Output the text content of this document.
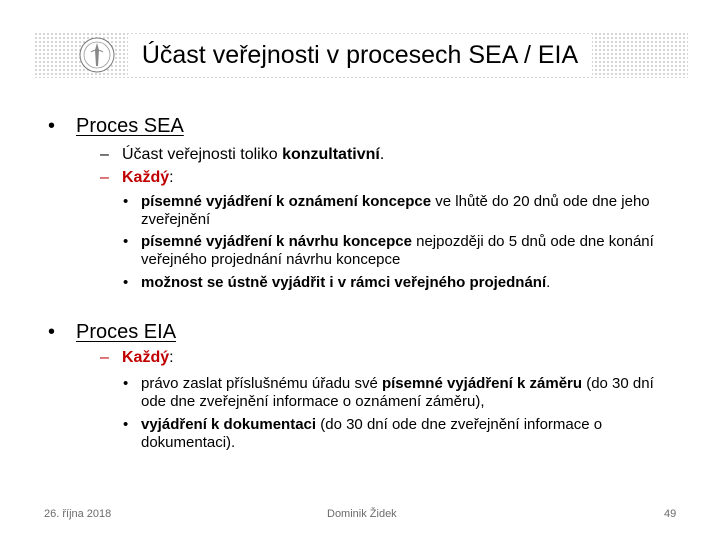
Účast veřejnosti v procesech SEA / EIA
• Proces SEA
– Účast veřejnosti toliko konzultativní.
– Každý:
• písemné vyjádření k oznámení koncepce ve lhůtě do 20 dnů ode dne jeho zveřejnění
• písemné vyjádření k návrhu koncepce nejpozději do 5 dnů ode dne konání veřejného projednání návrhu koncepce
• možnost se ústně vyjádřit i v rámci veřejného projednání.
• Proces EIA
– Každý:
• právo zaslat příslušnému úřadu své písemné vyjádření k záměru (do 30 dní ode dne zveřejnění informace o oznámení záměru),
• vyjádření k dokumentaci (do 30 dní ode dne zveřejnění informace o dokumentaci).
26. října 2018	Dominik Židek	49
